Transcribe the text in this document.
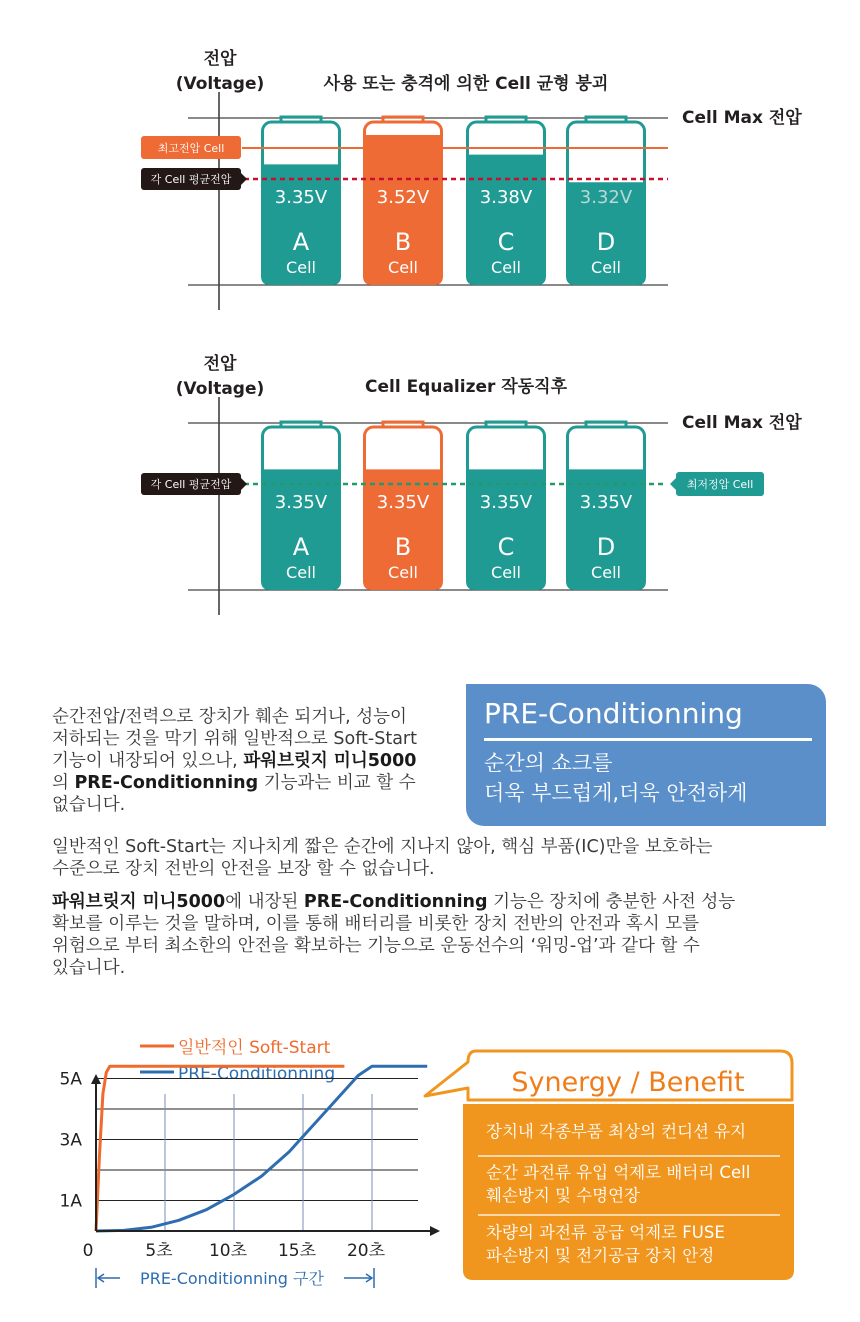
전압
(Voltage)	사용 또는 충격에 의한 Cell 균형 붕괴
Cell Max 전압
3.35V
A
Cell
3.52V
B
Cell
3.38V
C
Cell
3.32V
D
Cell
최고전압 Cell
각 Cell 평균전압
전압
(Voltage)	Cell Equalizer 작동직후
Cell Max 전압
3.35V
A
Cell
3.35V
B
Cell
3.35V
C
Cell
3.35V
D
Cell
각 Cell 평균전압	최저정압 Cell
순간전압/전력으로 장치가 훼손 되거나, 성능이
저하되는 것을 막기 위해 일반적으로 Soft-Start
기능이 내장되어 있으나, 파워브릿지 미니5000
의 PRE-Conditionning 기능과는 비교 할 수
없습니다.
PRE-Conditionning
순간의 쇼크를
더욱 부드럽게,더욱 안전하게
일반적인 Soft-Start는 지나치게 짧은 순간에 지나지 않아, 핵심 부품(IC)만을 보호하는
수준으로 장치 전반의 안전을 보장 할 수 없습니다.
파워브릿지 미니5000에 내장된 PRE-Conditionning 기능은 장치에 충분한 사전 성능
확보를 이루는 것을 말하며, 이를 통해 배터리를 비롯한 장치 전반의 안전과 혹시 모를
위험으로 부터 최소한의 안전을 확보하는 기능으로 운동선수의 ‘워밍-업’과 같다 할 수
있습니다.
일반적인 Soft-Start
PRE-Conditionning
1A
3A
5A
0	5초 10초 15초 20초
PRE-Conditionning 구간
Synergy / Benefit
장치내 각종부품 최상의 컨디션 유지
순간 과전류 유입 억제로 배터리 Cell
훼손방지 및 수명연장
차량의 과전류 공급 억제로 FUSE
파손방지 및 전기공급 장치 안정
